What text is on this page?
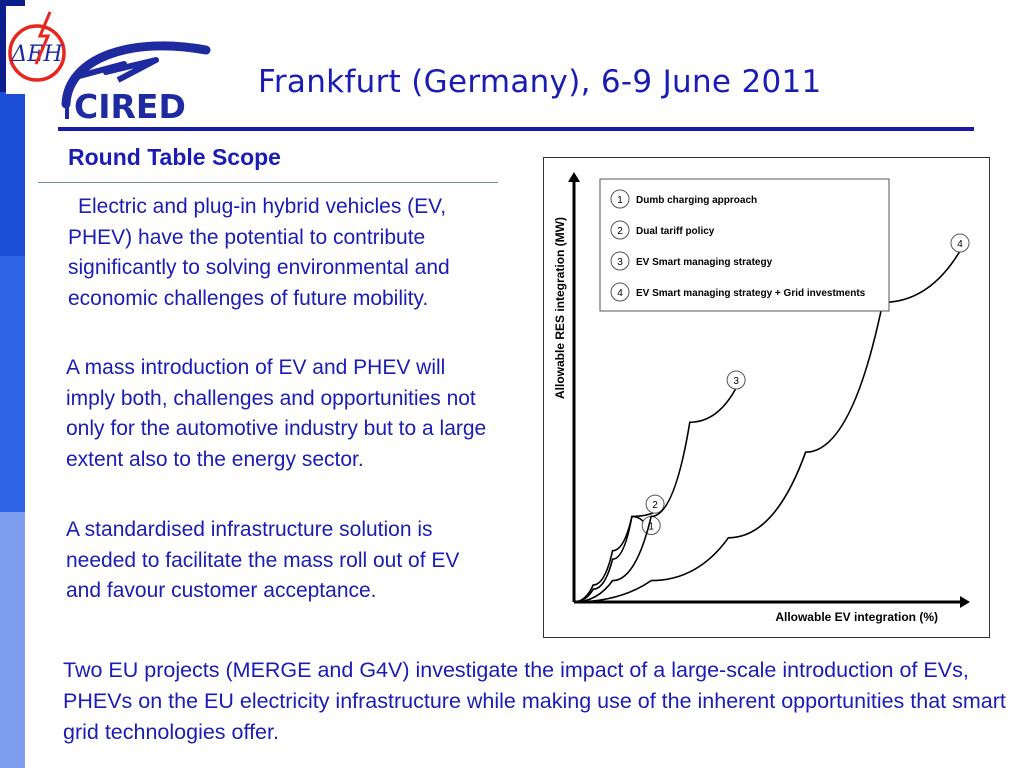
ΔΕΗ
CIRED
Frankfurt (Germany), 6-9 June 2011
Round Table Scope

Electric and plug-in hybrid vehicles (EV, PHEV) have the potential to contribute significantly to solving environmental and economic challenges of future mobility.

A mass introduction of EV and PHEV will imply both, challenges and opportunities not only for the automotive industry but to a large extent also to the energy sector.

A standardised infrastructure solution is needed to facilitate the mass roll out of EV and favour customer acceptance.

Allowable EV integration (%)
Allowable RES integration (MW)
1
2
3
4
1 Dumb charging approach
2 Dual tariff policy
3 EV Smart managing strategy
4 EV Smart managing strategy + Grid investments

Two EU projects (MERGE and G4V) investigate the impact of a large-scale introduction of EVs, PHEVs on the EU electricity infrastructure while making use of the inherent opportunities that smart grid technologies offer.
